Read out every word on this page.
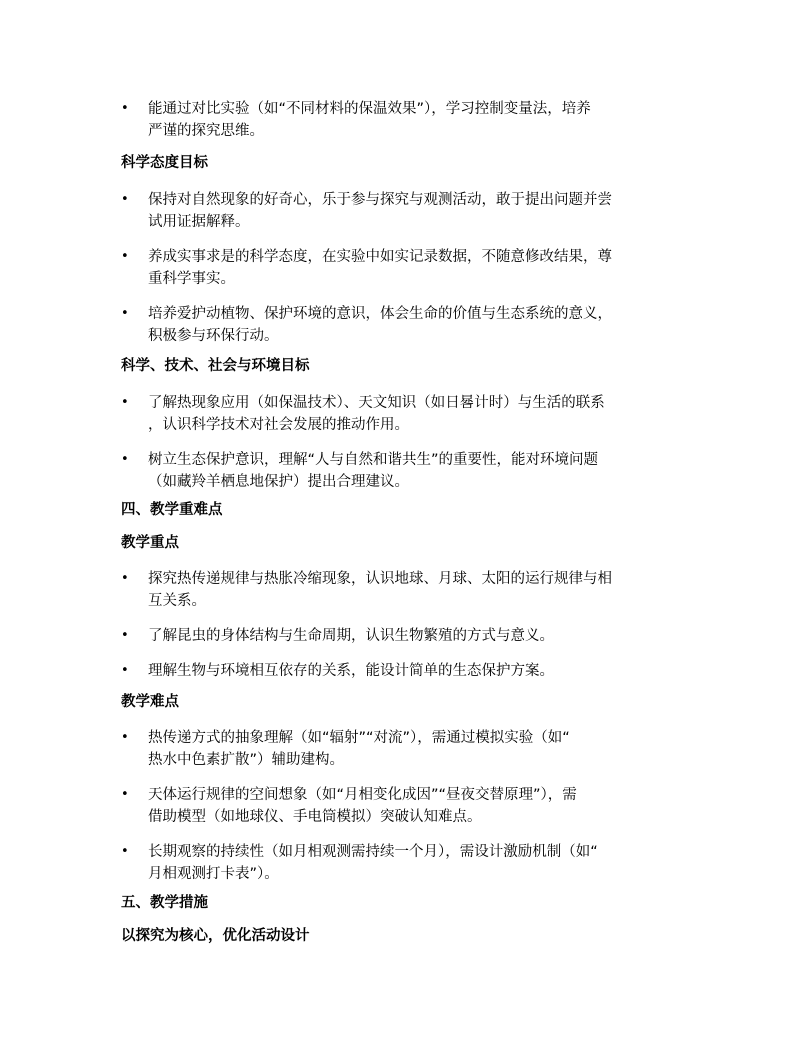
• 能通过对比实验（如“不同材料的保温效果”），学习控制变量法，培养
严谨的探究思维。
科学态度目标
• 保持对自然现象的好奇心，乐于参与探究与观测活动，敢于提出问题并尝
试用证据解释。
• 养成实事求是的科学态度，在实验中如实记录数据，不随意修改结果，尊
重科学事实。
• 培养爱护动植物、保护环境的意识，体会生命的价值与生态系统的意义，
积极参与环保行动。
科学、技术、社会与环境目标
• 了解热现象应用（如保温技术）、天文知识（如日晷计时）与生活的联系
，认识科学技术对社会发展的推动作用。
• 树立生态保护意识，理解“人与自然和谐共生”的重要性，能对环境问题
（如藏羚羊栖息地保护）提出合理建议。
四、教学重难点
教学重点
• 探究热传递规律与热胀冷缩现象，认识地球、月球、太阳的运行规律与相
互关系。
• 了解昆虫的身体结构与生命周期，认识生物繁殖的方式与意义。
• 理解生物与环境相互依存的关系，能设计简单的生态保护方案。
教学难点
• 热传递方式的抽象理解（如“辐射”“对流”），需通过模拟实验（如“
热水中色素扩散”）辅助建构。
• 天体运行规律的空间想象（如“月相变化成因”“昼夜交替原理”），需
借助模型（如地球仪、手电筒模拟）突破认知难点。
• 长期观察的持续性（如月相观测需持续一个月），需设计激励机制（如“
月相观测打卡表”）。
五、教学措施
以探究为核心，优化活动设计
